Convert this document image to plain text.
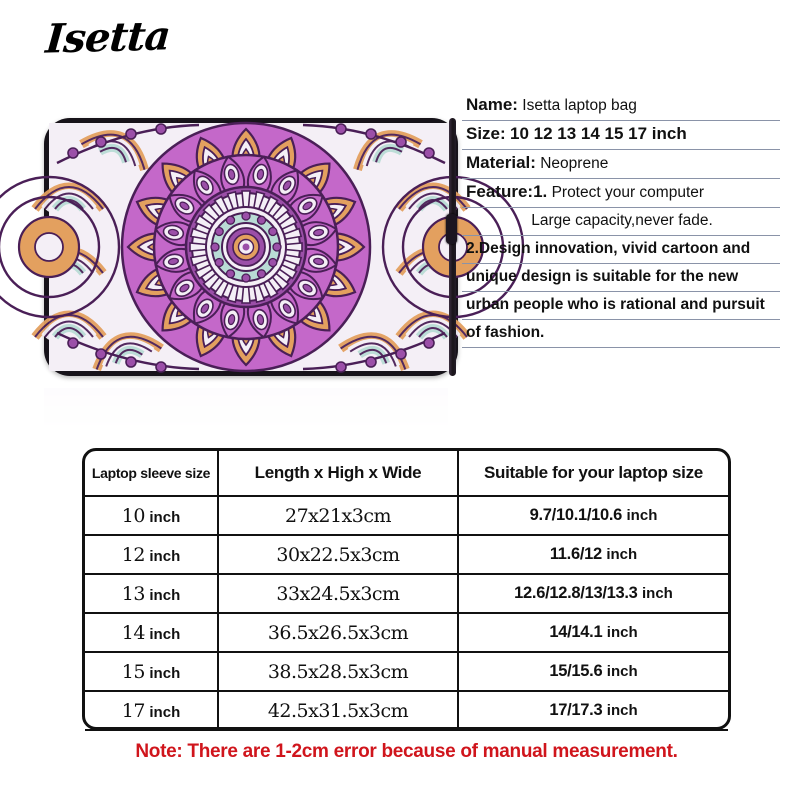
Isetta
Name: Isetta laptop bag
Size: 10 12 13 14 15 17 inch
Material: Neoprene
Feature:1. Protect your computer
Large capacity,never fade.
2.Design innovation, vivid cartoon and
unique design is suitable for the new
urban people who is rational and pursuit
of fashion.
Laptop sleeve size	Length x High x Wide	Suitable for your laptop size
10 inch	27x21x3cm	9.7/10.1/10.6 inch
12 inch	30x22.5x3cm	11.6/12 inch
13 inch	33x24.5x3cm	12.6/12.8/13/13.3 inch
14 inch	36.5x26.5x3cm	14/14.1 inch
15 inch	38.5x28.5x3cm	15/15.6 inch
17 inch	42.5x31.5x3cm	17/17.3 inch
Note: There are 1-2cm error because of manual measurement.		
